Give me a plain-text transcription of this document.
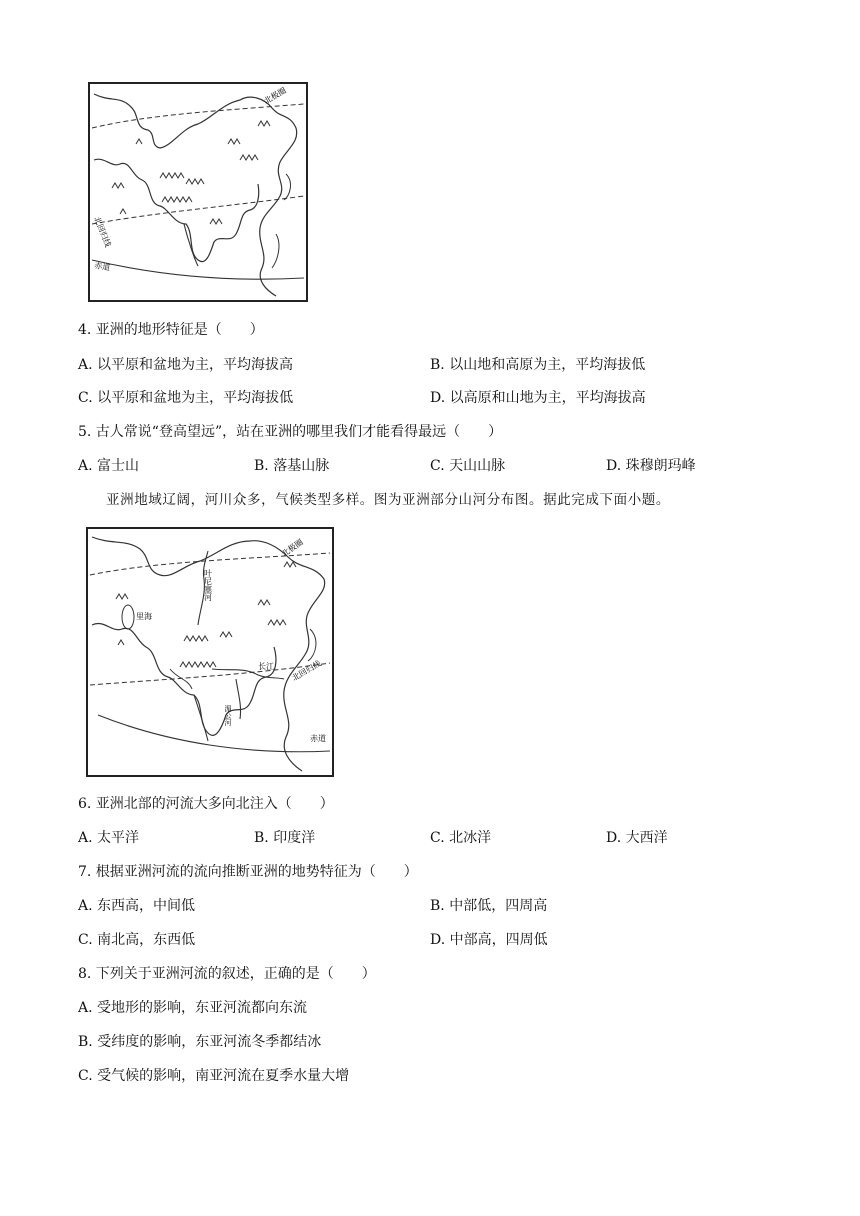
北极圈
北回归线
赤道
4. 亚洲的地形特征是（　　）
A. 以平原和盆地为主，平均海拔高	B. 以山地和高原为主，平均海拔低
C. 以平原和盆地为主，平均海拔低	D. 以高原和山地为主，平均海拔高
5. 古人常说“登高望远”，站在亚洲的哪里我们才能看得最远（　　）
A. 富士山	B. 落基山脉	C. 天山山脉	D. 珠穆朗玛峰
亚洲地域辽阔，河川众多，气候类型多样。图为亚洲部分山河分布图。据此完成下面小题。
北极圈
叶尼塞河
里海
长江
湄公河
北回归线
赤道
6. 亚洲北部的河流大多向北注入（　　）
A. 太平洋	B. 印度洋	C. 北冰洋	D. 大西洋
7. 根据亚洲河流的流向推断亚洲的地势特征为（　　）
A. 东西高，中间低	B. 中部低，四周高
C. 南北高，东西低	D. 中部高，四周低
8. 下列关于亚洲河流的叙述，正确的是（　　）
A. 受地形的影响，东亚河流都向东流
B. 受纬度的影响，东亚河流冬季都结冰
C. 受气候的影响，南亚河流在夏季水量大增
